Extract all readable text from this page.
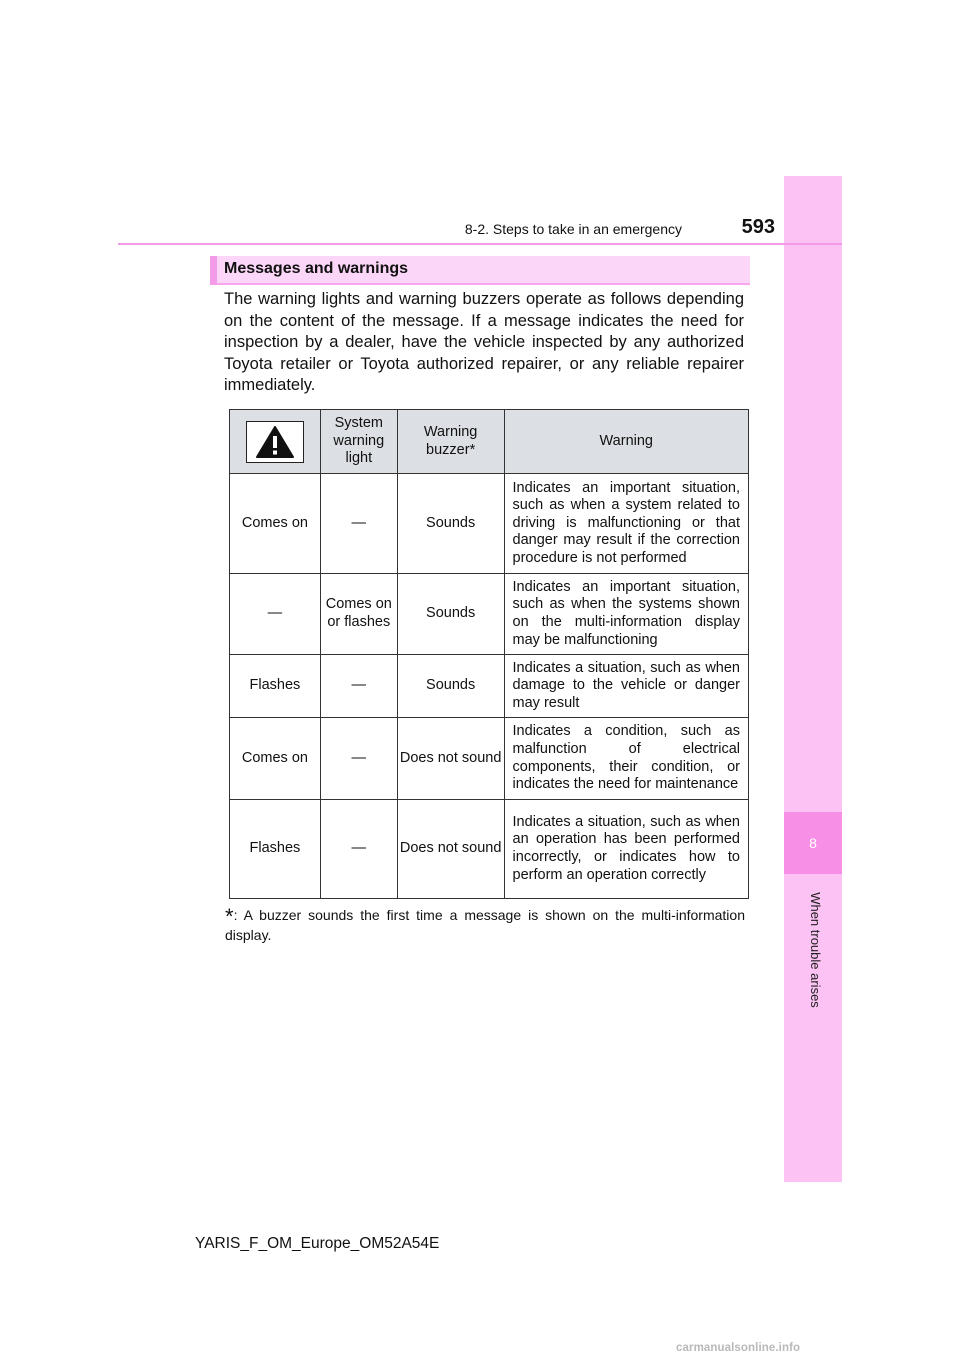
8
When trouble arises
8-2. Steps to take in an emergency	593
Messages and warnings
The warning lights and warning buzzers operate as follows depending on the content of the message. If a message indicates the need for inspection by a dealer, have the vehicle inspected by any authorized Toyota retailer or Toyota authorized repairer, or any reliable repairer immediately.
	System warning light	Warning buzzer*	Warning
Comes on	—	Sounds	Indicates an important situation, such as when a system related to driving is malfunctioning or that danger may result if the correction procedure is not performed
—	Comes on or flashes	Sounds	Indicates an important situation, such as when the systems shown on the multi-information display may be malfunctioning
Flashes	—	Sounds	Indicates a situation, such as when damage to the vehicle or danger may result
Comes on	—	Does not sound	Indicates a condition, such as malfunction of electrical components, their condition, or indicates the need for maintenance
Flashes	—	Does not sound	Indicates a situation, such as when an operation has been performed incorrectly, or indicates how to perform an operation correctly
*: A buzzer sounds the first time a message is shown on the multi-information display.
YARIS_F_OM_Europe_OM52A54E
carmanualsonline.info
